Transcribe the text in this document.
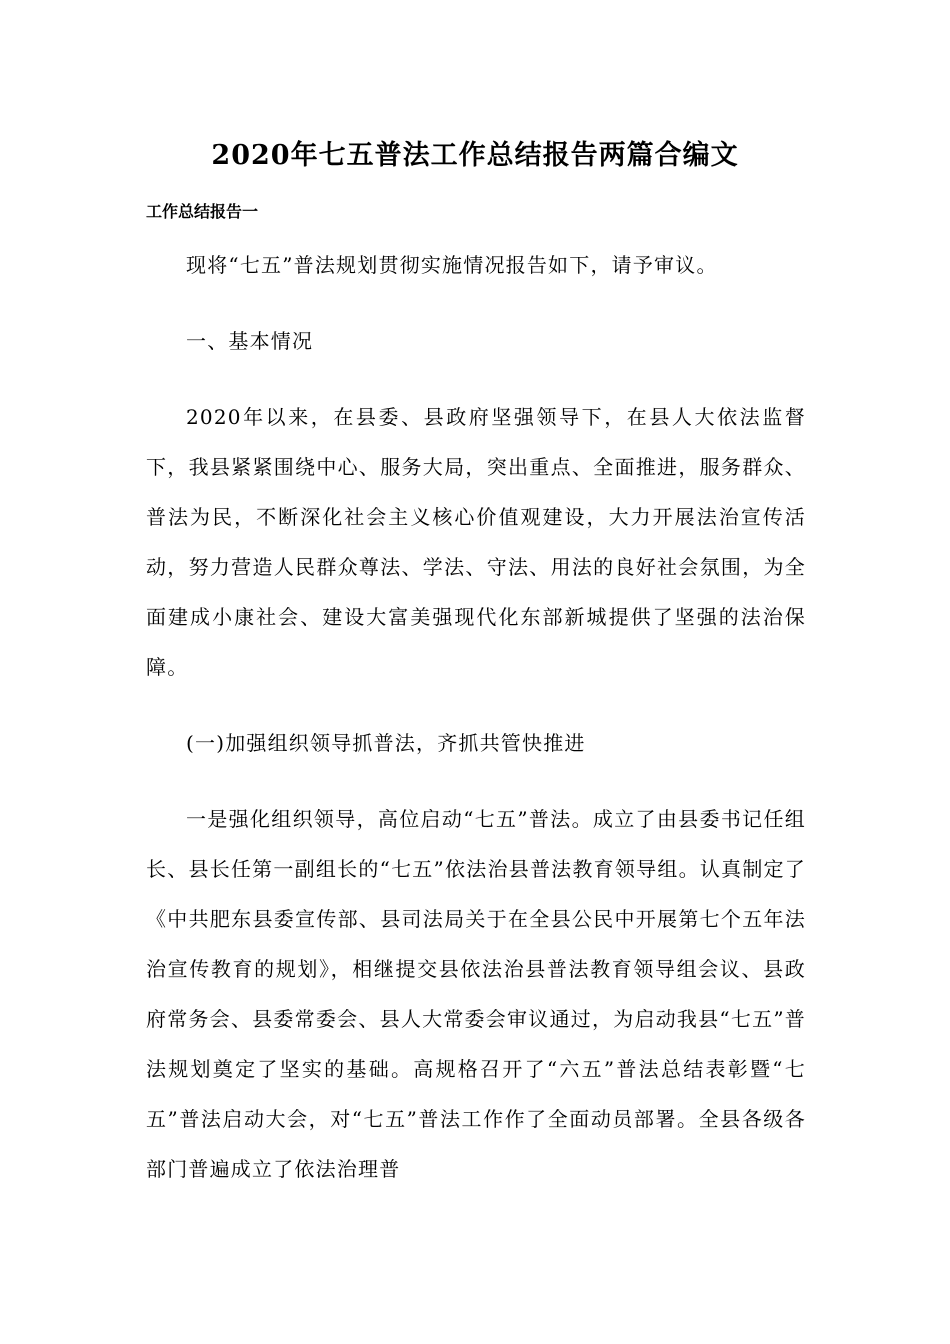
2020年七五普法工作总结报告两篇合编文
工作总结报告一

现将“七五”普法规划贯彻实施情况报告如下，请予审议。

一、基本情况

2020年以来，在县委、县政府坚强领导下，在县人大依法监督下，我县紧紧围绕中心、服务大局，突出重点、全面推进，服务群众、普法为民，不断深化社会主义核心价值观建设，大力开展法治宣传活动，努力营造人民群众尊法、学法、守法、用法的良好社会氛围，为全面建成小康社会、建设大富美强现代化东部新城提供了坚强的法治保障。

(一)加强组织领导抓普法，齐抓共管快推进

一是强化组织领导，高位启动“七五”普法。成立了由县委书记任组长、县长任第一副组长的“七五”依法治县普法教育领导组。认真制定了《中共肥东县委宣传部、县司法局关于在全县公民中开展第七个五年法治宣传教育的规划》，相继提交县依法治县普法教育领导组会议、县政府常务会、县委常委会、县人大常委会审议通过，为启动我县“七五”普法规划奠定了坚实的基础。高规格召开了“六五”普法总结表彰暨“七五”普法启动大会，对“七五”普法工作作了全面动员部署。全县各级各部门普遍成立了依法治理普
